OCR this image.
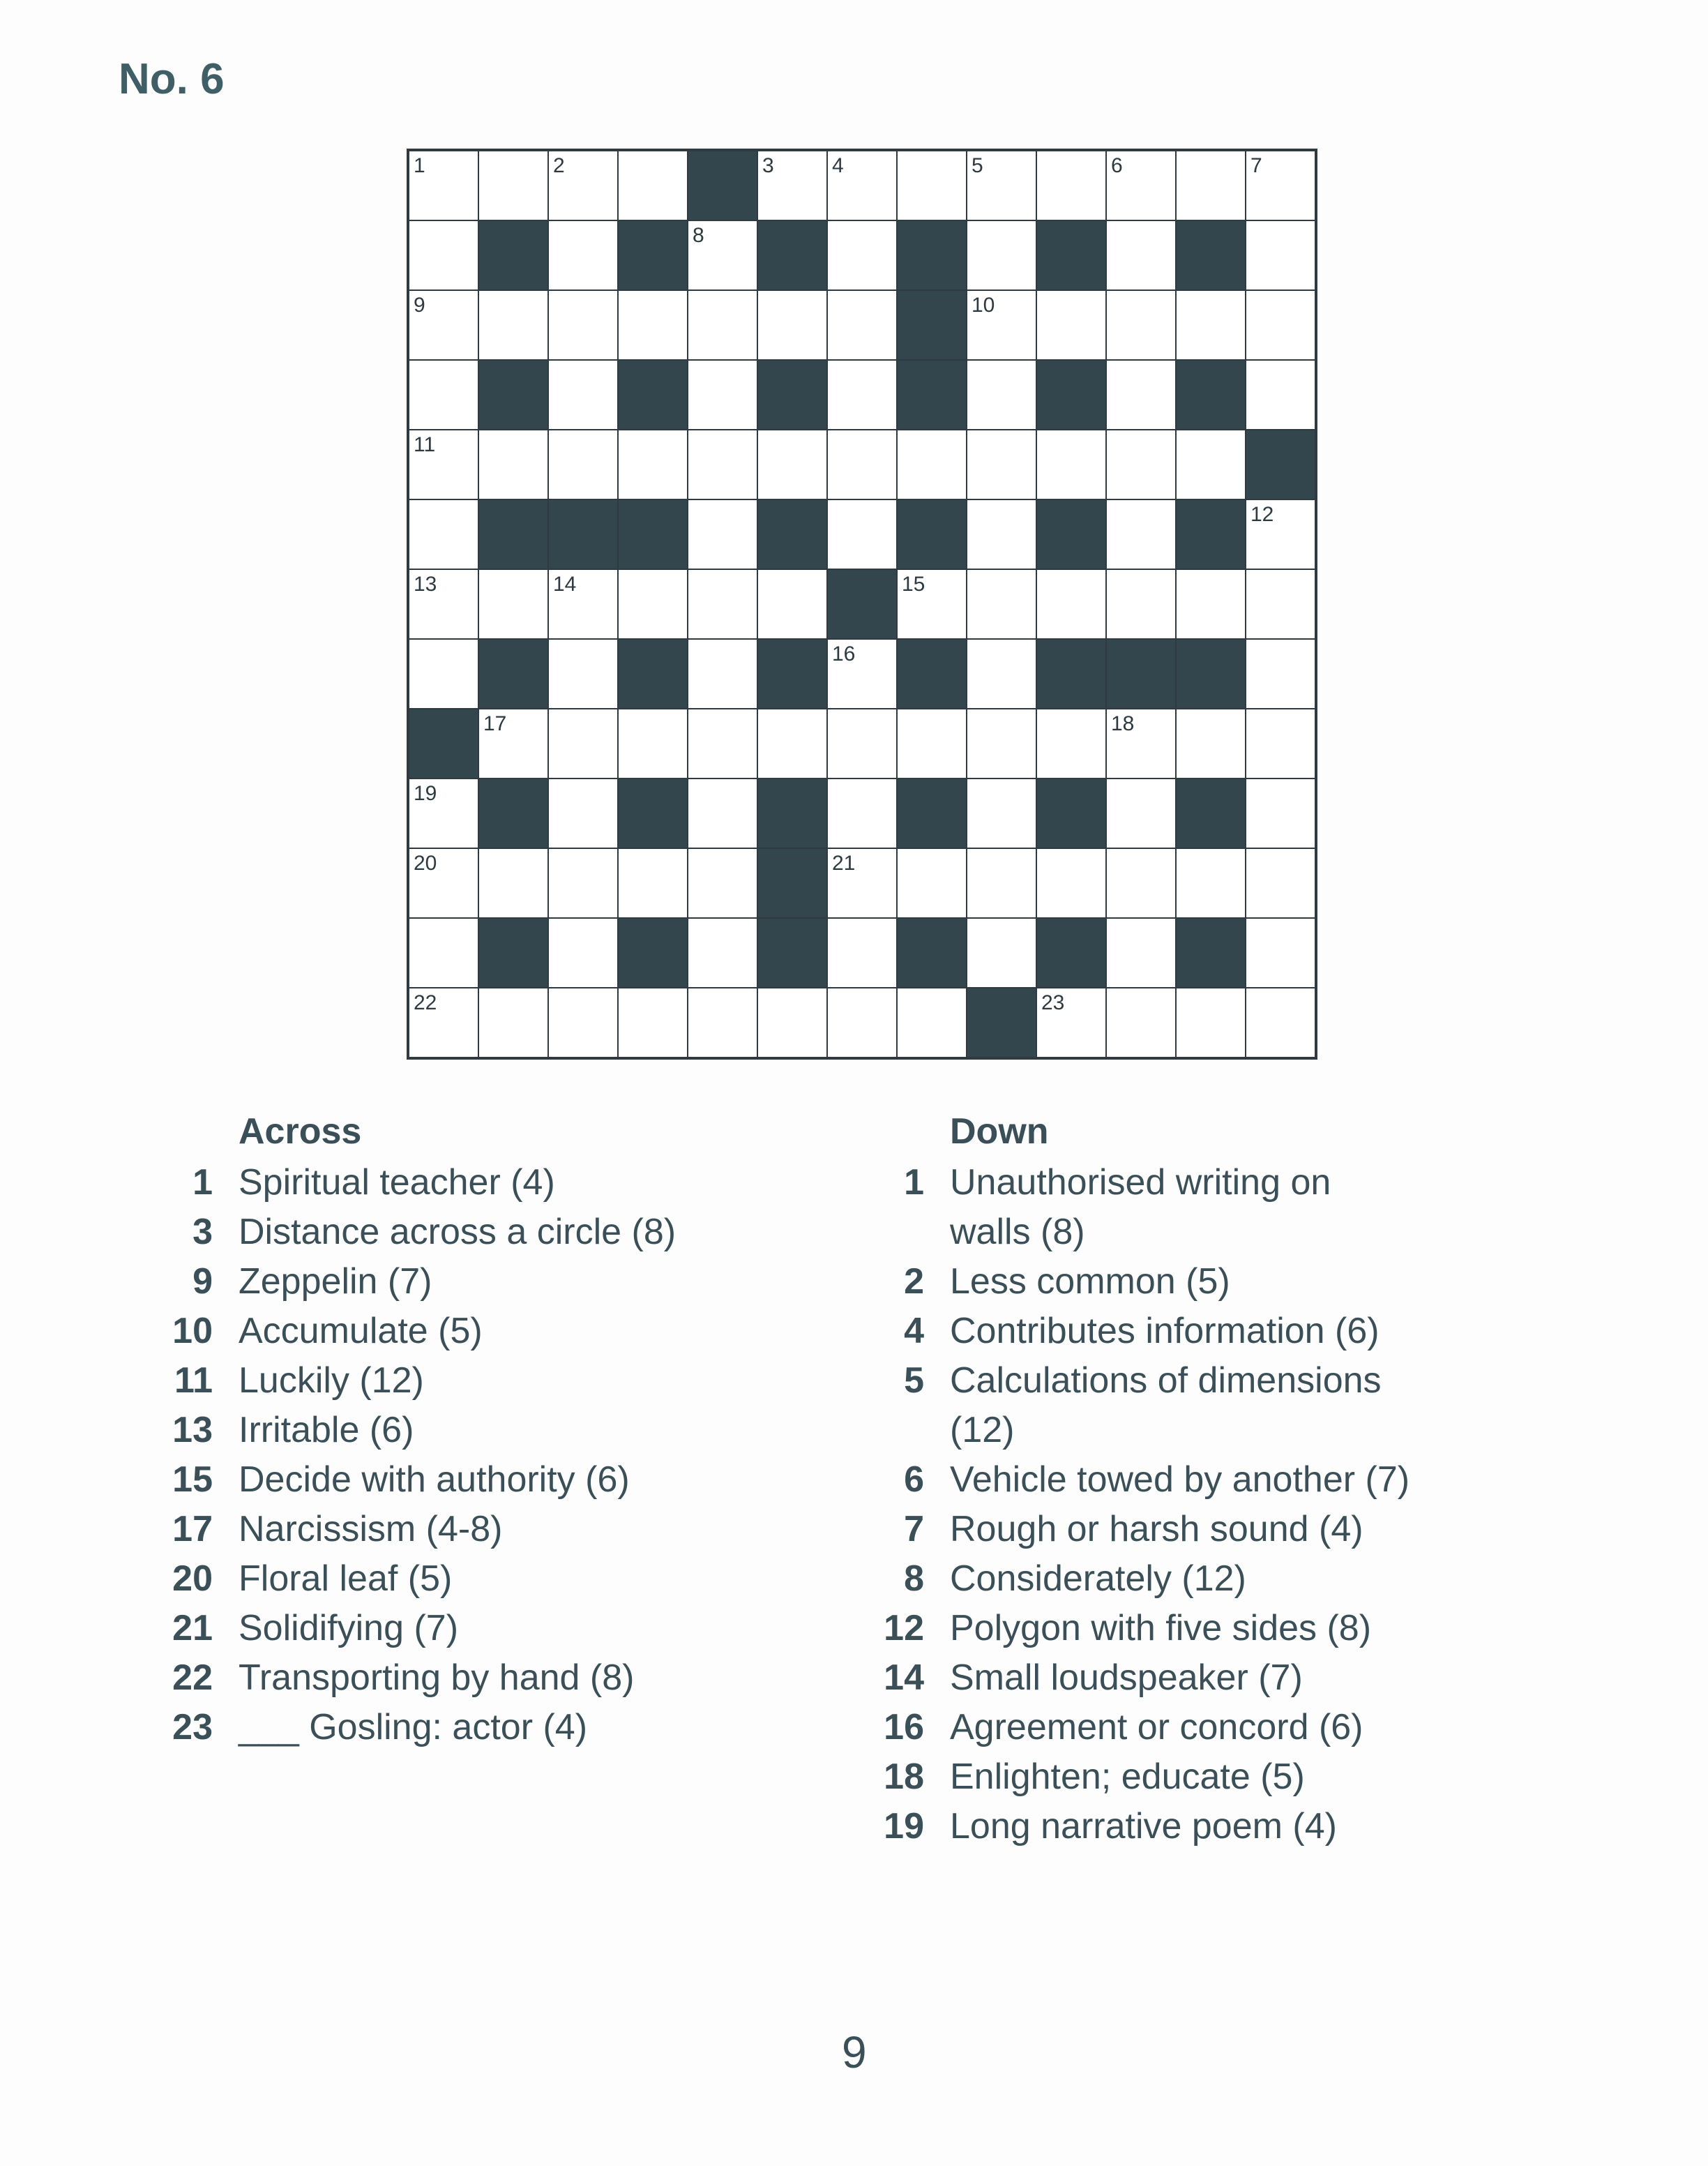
No. 6
1	2	3	4	5	6	7
8
9	10
11
12
13	14	15
16
17	18
19
20	21
22	23
Across
1 Spiritual teacher (4)
3 Distance across a circle (8)
9 Zeppelin (7)
10 Accumulate (5)
11 Luckily (12)
13 Irritable (6)
15 Decide with authority (6)
17 Narcissism (4-8)
20 Floral leaf (5)
21 Solidifying (7)
22 Transporting by hand (8)
23 ___ Gosling: actor (4)
Down
1 Unauthorised writing on walls (8)
2 Less common (5)
4 Contributes information (6)
5 Calculations of dimensions (12)
6 Vehicle towed by another (7)
7 Rough or harsh sound (4)
8 Considerately (12)
12 Polygon with five sides (8)
14 Small loudspeaker (7)
16 Agreement or concord (6)
18 Enlighten; educate (5)
19 Long narrative poem (4)
9
